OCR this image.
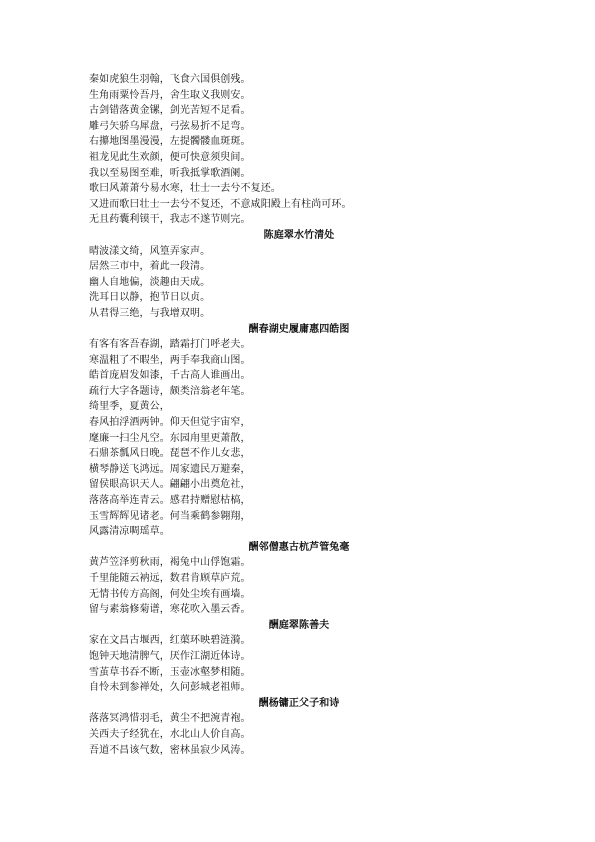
秦如虎狼生羽翰，飞食六国俱创残。
生角雨粟怜吾丹，舍生取义我则安。
古剑错落黄金镙，剑光苦短不足看。
雕弓矢骄乌犀盘，弓弦易折不足弯。
右攥地图墨漫漫，左提髑髅血斑斑。
祖龙见此生欢颜，便可快意须臾间。
我以至易图至难，听我抵掌歌酒阑。
歌曰风萧萧兮易水寒，壮士一去兮不复还。
又进而歌曰壮士一去兮不复还，不意咸阳殿上有柱尚可环。
无且药囊利镆干，我志不遂节则完。
陈庭翠水竹清处
晴波漾文绮，风篁弄家声。
居然三市中，着此一段清。
幽人自地偏，淡趣由天成。
洗耳日以静，抱节日以贞。
从君得三绝，与我增双明。
酬春湖史履庸惠四皓图
有客有客吾春湖，踏霜打门呼老夫。
寒温粗了不暇坐，两手奉我商山图。
皓首庞眉发如漆，千古高人谁画出。
疏行大字各题诗，颇类涪翁老年笔。
绮里季，夏黄公，
春风拍浮酒两钟。仰天但觉宇宙窄，
麾廉一扫尘凡空。东园甪里更萧散，
石鼎茶瓢风日晚。琵琶不作儿女悲，
横琴静送飞鸿远。周家遗民万避秦，
留侯眼高识天人。翩翩小出奠危社，
落落高举连青云。感君持赠慰枯槁，
玉雪辉辉见诸老。何当乘鹤参翱翔，
风露清凉啁瑶草。
酬邻僧惠古杭芦管兔毫
黄芦笠泽剪秋雨，褐兔中山俘饱霜。
千里能随云衲远，数君肯顾草庐荒。
无情书传方高阁，何处尘埃有画墙。
留与素翁修菊谱，寒花吹入墨云香。
酬庭翠陈善夫
家在文昌古堰西，红蕖环映碧涟漪。
饱钟天地清脾气，厌作江湖近体诗。
雪茧草书吞不断，玉壶冰壑梦相随。
自怜未到参禅处，久问彭城老祖师。
酬杨镛正父子和诗
落落冥鸿惜羽毛，黄尘不把涴青袍。
关西夫子经犹在，水北山人价自高。
吾道不昌该气数，密林虽寂少风涛。
